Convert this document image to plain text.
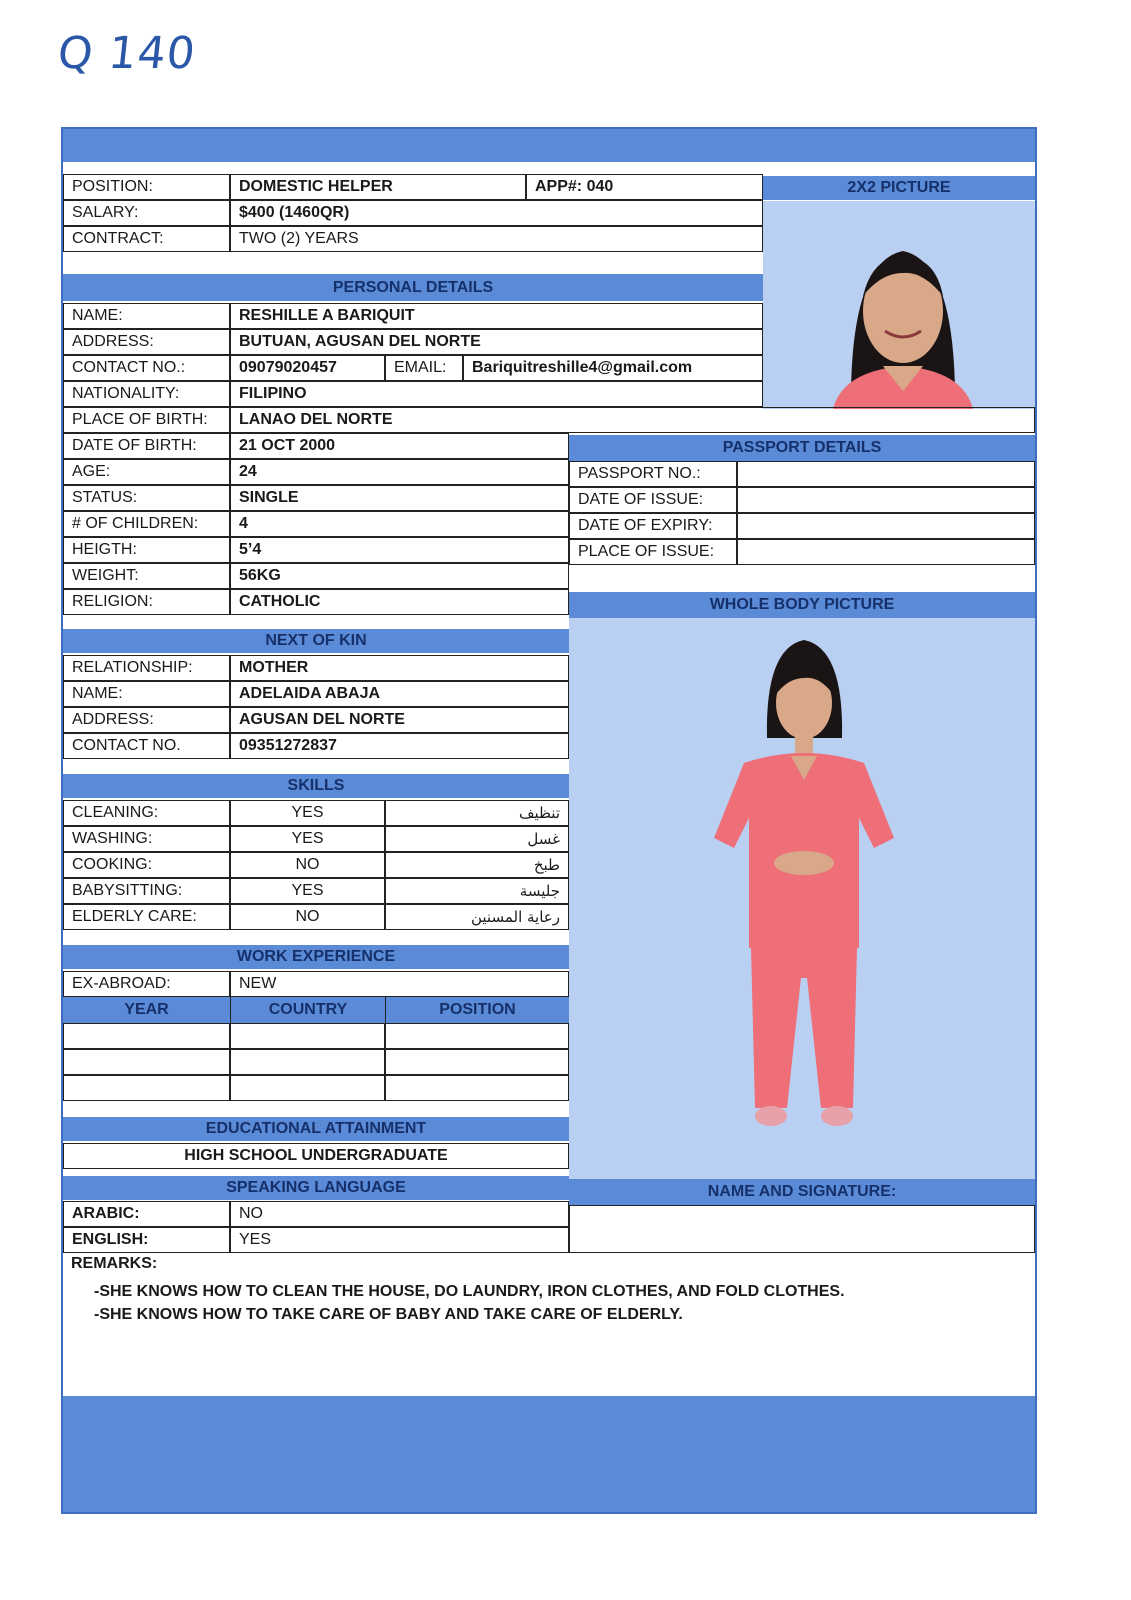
Q 140
POSITION:	DOMESTIC HELPER	APP#: 040	2X2 PICTURE
SALARY:	$400 (1460QR)
CONTRACT:	TWO (2) YEARS
PERSONAL DETAILS
NAME:	RESHILLE A BARIQUIT
ADDRESS:	BUTUAN, AGUSAN DEL NORTE
CONTACT NO.:	09079020457	EMAIL:	Bariquitreshille4@gmail.com
NATIONALITY:	FILIPINO
PLACE OF BIRTH:	LANAO DEL NORTE
DATE OF BIRTH:	21 OCT 2000
AGE:	24
STATUS:	SINGLE
# OF CHILDREN:	4
HEIGTH:	5’4
WEIGHT:	56KG
RELIGION:	CATHOLIC
PASSPORT DETAILS
PASSPORT NO.:
DATE OF ISSUE:
DATE OF EXPIRY:
PLACE OF ISSUE:
WHOLE BODY PICTURE
NEXT OF KIN
RELATIONSHIP:	MOTHER
NAME:	ADELAIDA ABAJA
ADDRESS:	AGUSAN DEL NORTE
CONTACT NO.	09351272837
SKILLS
CLEANING:	YES	تنظيف
WASHING:	YES	غسل
COOKING:	NO	طبخ
BABYSITTING:	YES	جليسة
ELDERLY CARE:	NO	رعاية المسنين
WORK EXPERIENCE
EX-ABROAD:	NEW
YEAR	COUNTRY	POSITION
EDUCATIONAL ATTAINMENT
HIGH SCHOOL UNDERGRADUATE
SPEAKING LANGUAGE
ARABIC:	NO
ENGLISH:	YES
NAME AND SIGNATURE:
REMARKS:
-SHE KNOWS HOW TO CLEAN THE HOUSE, DO LAUNDRY, IRON CLOTHES, AND FOLD CLOTHES.
-SHE KNOWS HOW TO TAKE CARE OF BABY AND TAKE CARE OF ELDERLY.
